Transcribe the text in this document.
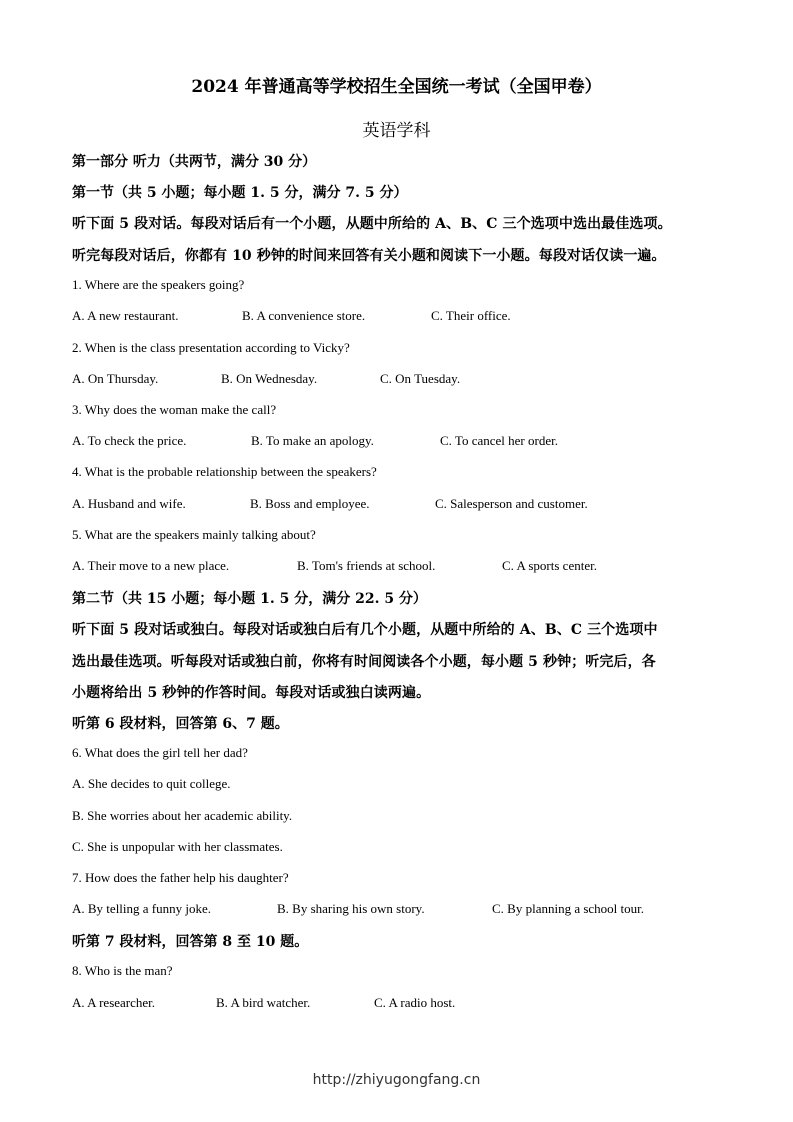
2024 年普通高等学校招生全国统一考试（全国甲卷）
英语学科
第一部分 听力（共两节，满分 30 分）
第一节（共 5 小题；每小题 1. 5 分，满分 7. 5 分）
听下面 5 段对话。每段对话后有一个小题，从题中所给的 A、B、C 三个选项中选出最佳选项。
听完每段对话后，你都有 10 秒钟的时间来回答有关小题和阅读下一小题。每段对话仅读一遍。
1. Where are the speakers going?
A. A new restaurant.	B. A convenience store.	C. Their office.
2. When is the class presentation according to Vicky?
A. On Thursday.	B. On Wednesday.	C. On Tuesday.
3. Why does the woman make the call?
A. To check the price.	B. To make an apology.	C. To cancel her order.
4. What is the probable relationship between the speakers?
A. Husband and wife.	B. Boss and employee.	C. Salesperson and customer.
5. What are the speakers mainly talking about?
A. Their move to a new place.	B. Tom's friends at school.	C. A sports center.
第二节（共 15 小题；每小题 1. 5 分，满分 22. 5 分）
听下面 5 段对话或独白。每段对话或独白后有几个小题，从题中所给的 A、B、C 三个选项中
选出最佳选项。听每段对话或独白前，你将有时间阅读各个小题，每小题 5 秒钟；听完后，各
小题将给出 5 秒钟的作答时间。每段对话或独白读两遍。
听第 6 段材料，回答第 6、7 题。
6. What does the girl tell her dad?
A. She decides to quit college.
B. She worries about her academic ability.
C. She is unpopular with her classmates.
7. How does the father help his daughter?
A. By telling a funny joke.	B. By sharing his own story.	C. By planning a school tour.
听第 7 段材料，回答第 8 至 10 题。
8. Who is the man?
A. A researcher.	B. A bird watcher.	C. A radio host.
http://zhiyugongfang.cn
